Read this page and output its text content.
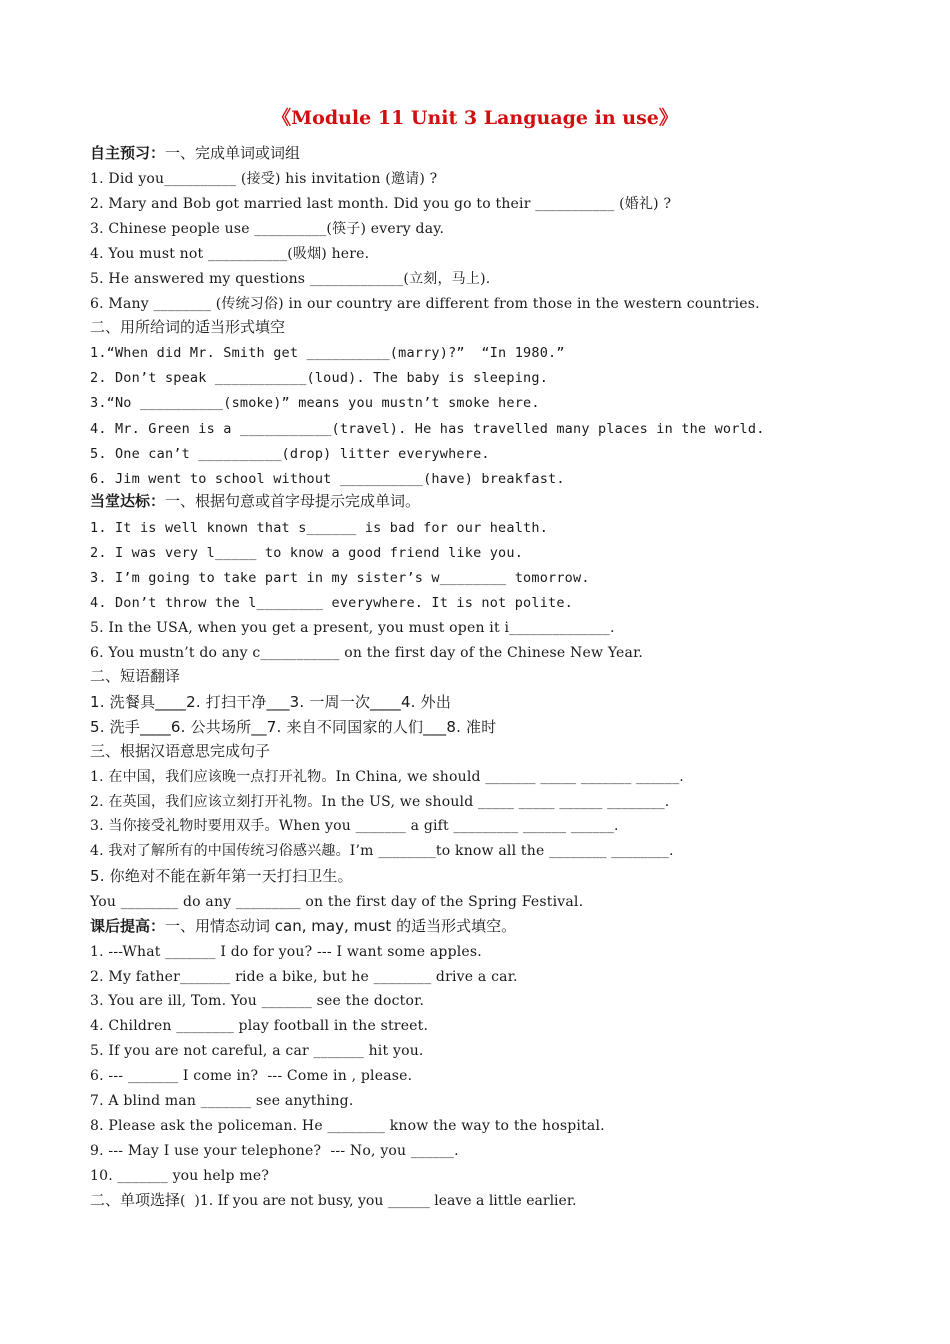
《Module 11 Unit 3 Language in use》
自主预习：一、完成单词或词组
1. Did you__________ (接受) his invitation (邀请) ?
2. Mary and Bob got married last month. Did you go to their ___________ (婚礼) ?
3. Chinese people use __________(筷子) every day.
4. You must not ___________(吸烟) here.
5. He answered my questions _____________(立刻，马上).
6. Many ________ (传统习俗) in our country are different from those in the western countries.
二、用所给词的适当形式填空
1.“When did Mr. Smith get __________(marry)?”  “In 1980.”
2. Don’t speak ___________(loud). The baby is sleeping.
3.“No __________(smoke)” means you mustn’t smoke here.
4. Mr. Green is a ___________(travel). He has travelled many places in the world.
5. One can’t __________(drop) litter everywhere.
6. Jim went to school without __________(have) breakfast.
当堂达标：一、根据句意或首字母提示完成单词。
1. It is well known that s______ is bad for our health.
2. I was very l_____ to know a good friend like you.
3. I’m going to take part in my sister’s w________ tomorrow.
4. Don’t throw the l________ everywhere. It is not polite.
5. In the USA, when you get a present, you must open it i______________.
6. You mustn’t do any c___________ on the first day of the Chinese New Year.
二、短语翻译
1. 洗餐具____2. 打扫干净___3. 一周一次____4. 外出
5. 洗手____6. 公共场所__7. 来自不同国家的人们___8. 准时
三、根据汉语意思完成句子
1. 在中国，我们应该晚一点打开礼物。In China, we should _______ _____ _______ ______.
2. 在英国，我们应该立刻打开礼物。In the US, we should _____ _____ ______ ________.
3. 当你接受礼物时要用双手。When you _______ a gift _________ ______ ______.
4. 我对了解所有的中国传统习俗感兴趣。I’m ________to know all the ________ ________.
5. 你绝对不能在新年第一天打扫卫生。
You ________ do any _________ on the first day of the Spring Festival.
课后提高：一、用情态动词 can, may, must 的适当形式填空。
1. ---What _______ I do for you? --- I want some apples.
2. My father_______ ride a bike, but he ________ drive a car.
3. You are ill, Tom. You _______ see the doctor.
4. Children ________ play football in the street.
5. If you are not careful, a car _______ hit you.
6. --- _______ I come in?  --- Come in , please.
7. A blind man _______ see anything.
8. Please ask the policeman. He ________ know the way to the hospital.
9. --- May I use your telephone?  --- No, you ______.
10. _______ you help me?
二、单项选择(  )1. If you are not busy, you ______ leave a little earlier.
